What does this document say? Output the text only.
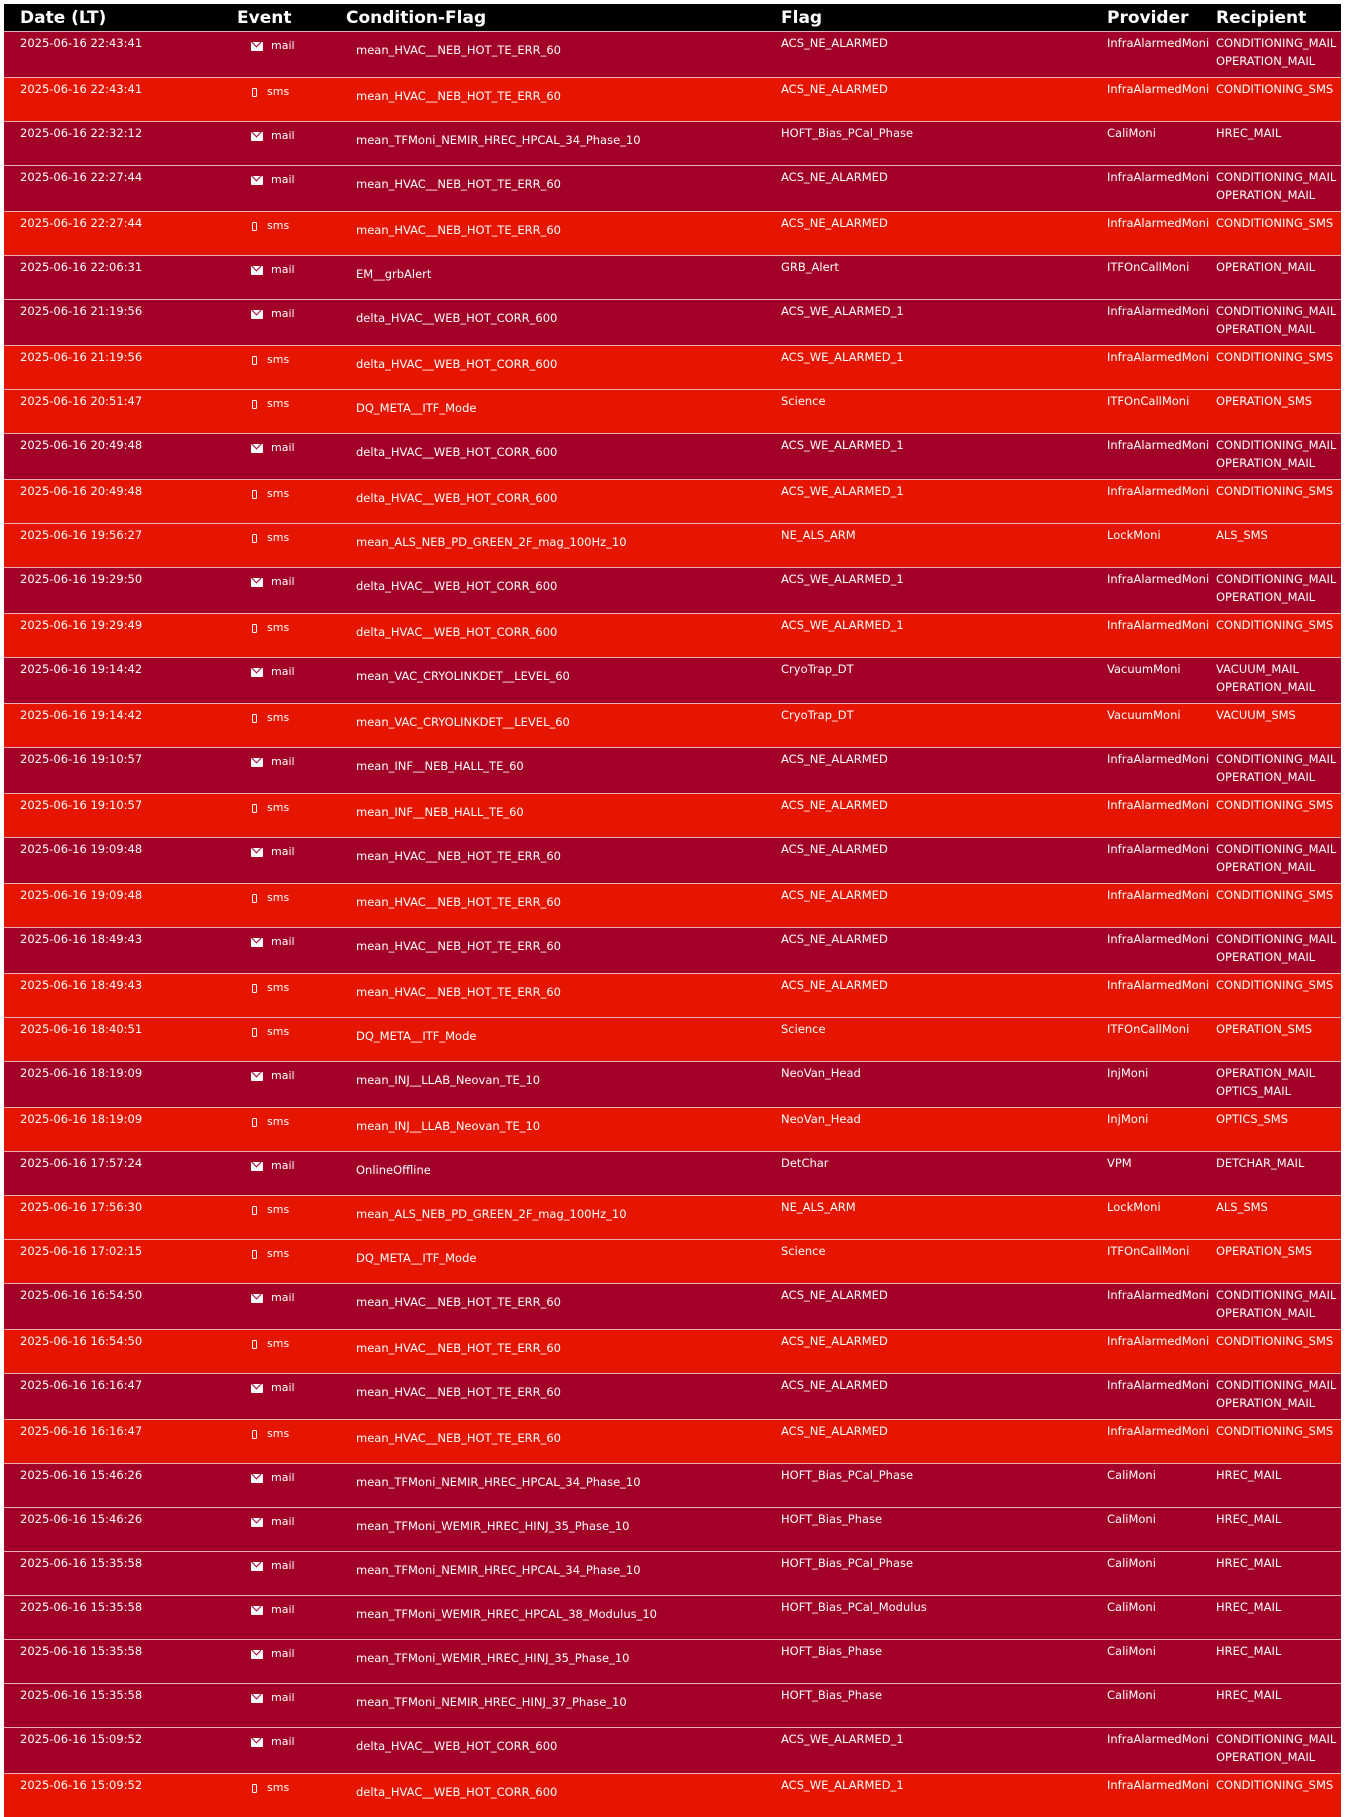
Date (LT)	Event	Condition-Flag	Flag	Provider	Recipient
2025-06-16 22:43:41	mail	mean_HVAC__NEB_HOT_TE_ERR_60	ACS_NE_ALARMED	InfraAlarmedMoni	CONDITIONING_MAIL
OPERATION_MAIL

2025-06-16 22:43:41	sms	mean_HVAC__NEB_HOT_TE_ERR_60	ACS_NE_ALARMED	InfraAlarmedMoni	CONDITIONING_SMS

2025-06-16 22:32:12	mail	mean_TFMoni_NEMIR_HREC_HPCAL_34_Phase_10	HOFT_Bias_PCal_Phase	CaliMoni	HREC_MAIL

2025-06-16 22:27:44	mail	mean_HVAC__NEB_HOT_TE_ERR_60	ACS_NE_ALARMED	InfraAlarmedMoni	CONDITIONING_MAIL
OPERATION_MAIL

2025-06-16 22:27:44	sms	mean_HVAC__NEB_HOT_TE_ERR_60	ACS_NE_ALARMED	InfraAlarmedMoni	CONDITIONING_SMS

2025-06-16 22:06:31	mail	EM__grbAlert	GRB_Alert	ITFOnCallMoni	OPERATION_MAIL

2025-06-16 21:19:56	mail	delta_HVAC__WEB_HOT_CORR_600	ACS_WE_ALARMED_1	InfraAlarmedMoni	CONDITIONING_MAIL
OPERATION_MAIL

2025-06-16 21:19:56	sms	delta_HVAC__WEB_HOT_CORR_600	ACS_WE_ALARMED_1	InfraAlarmedMoni	CONDITIONING_SMS

2025-06-16 20:51:47	sms	DQ_META__ITF_Mode	Science	ITFOnCallMoni	OPERATION_SMS

2025-06-16 20:49:48	mail	delta_HVAC__WEB_HOT_CORR_600	ACS_WE_ALARMED_1	InfraAlarmedMoni	CONDITIONING_MAIL
OPERATION_MAIL

2025-06-16 20:49:48	sms	delta_HVAC__WEB_HOT_CORR_600	ACS_WE_ALARMED_1	InfraAlarmedMoni	CONDITIONING_SMS

2025-06-16 19:56:27	sms	mean_ALS_NEB_PD_GREEN_2F_mag_100Hz_10	NE_ALS_ARM	LockMoni	ALS_SMS

2025-06-16 19:29:50	mail	delta_HVAC__WEB_HOT_CORR_600	ACS_WE_ALARMED_1	InfraAlarmedMoni	CONDITIONING_MAIL
OPERATION_MAIL

2025-06-16 19:29:49	sms	delta_HVAC__WEB_HOT_CORR_600	ACS_WE_ALARMED_1	InfraAlarmedMoni	CONDITIONING_SMS

2025-06-16 19:14:42	mail	mean_VAC_CRYOLINKDET__LEVEL_60	CryoTrap_DT	VacuumMoni	VACUUM_MAIL
OPERATION_MAIL

2025-06-16 19:14:42	sms	mean_VAC_CRYOLINKDET__LEVEL_60	CryoTrap_DT	VacuumMoni	VACUUM_SMS

2025-06-16 19:10:57	mail	mean_INF__NEB_HALL_TE_60	ACS_NE_ALARMED	InfraAlarmedMoni	CONDITIONING_MAIL
OPERATION_MAIL

2025-06-16 19:10:57	sms	mean_INF__NEB_HALL_TE_60	ACS_NE_ALARMED	InfraAlarmedMoni	CONDITIONING_SMS

2025-06-16 19:09:48	mail	mean_HVAC__NEB_HOT_TE_ERR_60	ACS_NE_ALARMED	InfraAlarmedMoni	CONDITIONING_MAIL
OPERATION_MAIL

2025-06-16 19:09:48	sms	mean_HVAC__NEB_HOT_TE_ERR_60	ACS_NE_ALARMED	InfraAlarmedMoni	CONDITIONING_SMS

2025-06-16 18:49:43	mail	mean_HVAC__NEB_HOT_TE_ERR_60	ACS_NE_ALARMED	InfraAlarmedMoni	CONDITIONING_MAIL
OPERATION_MAIL

2025-06-16 18:49:43	sms	mean_HVAC__NEB_HOT_TE_ERR_60	ACS_NE_ALARMED	InfraAlarmedMoni	CONDITIONING_SMS

2025-06-16 18:40:51	sms	DQ_META__ITF_Mode	Science	ITFOnCallMoni	OPERATION_SMS

2025-06-16 18:19:09	mail	mean_INJ__LLAB_Neovan_TE_10	NeoVan_Head	InjMoni	OPERATION_MAIL
OPTICS_MAIL

2025-06-16 18:19:09	sms	mean_INJ__LLAB_Neovan_TE_10	NeoVan_Head	InjMoni	OPTICS_SMS

2025-06-16 17:57:24	mail	OnlineOffline	DetChar	VPM	DETCHAR_MAIL

2025-06-16 17:56:30	sms	mean_ALS_NEB_PD_GREEN_2F_mag_100Hz_10	NE_ALS_ARM	LockMoni	ALS_SMS

2025-06-16 17:02:15	sms	DQ_META__ITF_Mode	Science	ITFOnCallMoni	OPERATION_SMS

2025-06-16 16:54:50	mail	mean_HVAC__NEB_HOT_TE_ERR_60	ACS_NE_ALARMED	InfraAlarmedMoni	CONDITIONING_MAIL
OPERATION_MAIL

2025-06-16 16:54:50	sms	mean_HVAC__NEB_HOT_TE_ERR_60	ACS_NE_ALARMED	InfraAlarmedMoni	CONDITIONING_SMS

2025-06-16 16:16:47	mail	mean_HVAC__NEB_HOT_TE_ERR_60	ACS_NE_ALARMED	InfraAlarmedMoni	CONDITIONING_MAIL
OPERATION_MAIL

2025-06-16 16:16:47	sms	mean_HVAC__NEB_HOT_TE_ERR_60	ACS_NE_ALARMED	InfraAlarmedMoni	CONDITIONING_SMS

2025-06-16 15:46:26	mail	mean_TFMoni_NEMIR_HREC_HPCAL_34_Phase_10	HOFT_Bias_PCal_Phase	CaliMoni	HREC_MAIL

2025-06-16 15:46:26	mail	mean_TFMoni_WEMIR_HREC_HINJ_35_Phase_10	HOFT_Bias_Phase	CaliMoni	HREC_MAIL

2025-06-16 15:35:58	mail	mean_TFMoni_NEMIR_HREC_HPCAL_34_Phase_10	HOFT_Bias_PCal_Phase	CaliMoni	HREC_MAIL

2025-06-16 15:35:58	mail	mean_TFMoni_WEMIR_HREC_HPCAL_38_Modulus_10	HOFT_Bias_PCal_Modulus	CaliMoni	HREC_MAIL

2025-06-16 15:35:58	mail	mean_TFMoni_WEMIR_HREC_HINJ_35_Phase_10	HOFT_Bias_Phase	CaliMoni	HREC_MAIL

2025-06-16 15:35:58	mail	mean_TFMoni_NEMIR_HREC_HINJ_37_Phase_10	HOFT_Bias_Phase	CaliMoni	HREC_MAIL

2025-06-16 15:09:52	mail	delta_HVAC__WEB_HOT_CORR_600	ACS_WE_ALARMED_1	InfraAlarmedMoni	CONDITIONING_MAIL
OPERATION_MAIL

2025-06-16 15:09:52	sms	delta_HVAC__WEB_HOT_CORR_600	ACS_WE_ALARMED_1	InfraAlarmedMoni	CONDITIONING_SMS
